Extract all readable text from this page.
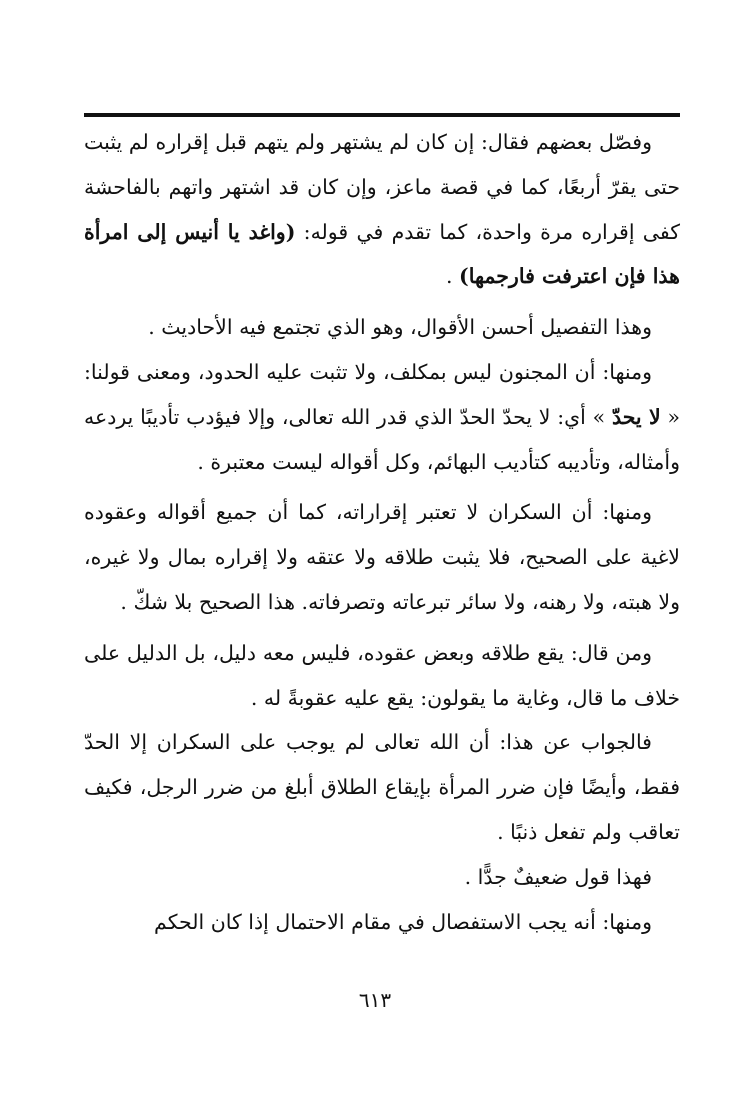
وفصّل بعضهم فقال: إن كان لم يشتهر ولم يتهم قبل إقراره لم يثبت حتى يقرّ أربعًا، كما في قصة ماعز، وإن كان قد اشتهر واتهم بالفاحشة كفى إقراره مرة واحدة، كما تقدم في قوله: (واغد يا أنيس إلى امرأة هذا فإن اعترفت فارجمها) .

وهذا التفصيل أحسن الأقوال، وهو الذي تجتمع فيه الأحاديث .

ومنها: أن المجنون ليس بمكلف، ولا تثبت عليه الحدود، ومعنى قولنا: « لا يحدّ » أي: لا يحدّ الحدّ الذي قدر الله تعالى، وإلا فيؤدب تأديبًا يردعه وأمثاله، وتأديبه كتأديب البهائم، وكل أقواله ليست معتبرة .

ومنها: أن السكران لا تعتبر إقراراته، كما أن جميع أقواله وعقوده لاغية على الصحيح، فلا يثبت طلاقه ولا عتقه ولا إقراره بمال ولا غيره، ولا هبته، ولا رهنه، ولا سائر تبرعاته وتصرفاته. هذا الصحيح بلا شكّ .

ومن قال: يقع طلاقه وبعض عقوده، فليس معه دليل، بل الدليل على خلاف ما قال، وغاية ما يقولون: يقع عليه عقوبةً له .

فالجواب عن هذا: أن الله تعالى لم يوجب على السكران إلا الحدّ فقط، وأيضًا فإن ضرر المرأة بإيقاع الطلاق أبلغ من ضرر الرجل، فكيف تعاقب ولم تفعل ذنبًا .

فهذا قول ضعيفٌ جدًّا .

ومنها: أنه يجب الاستفصال في مقام الاحتمال إذا كان الحكم

٦١٣
